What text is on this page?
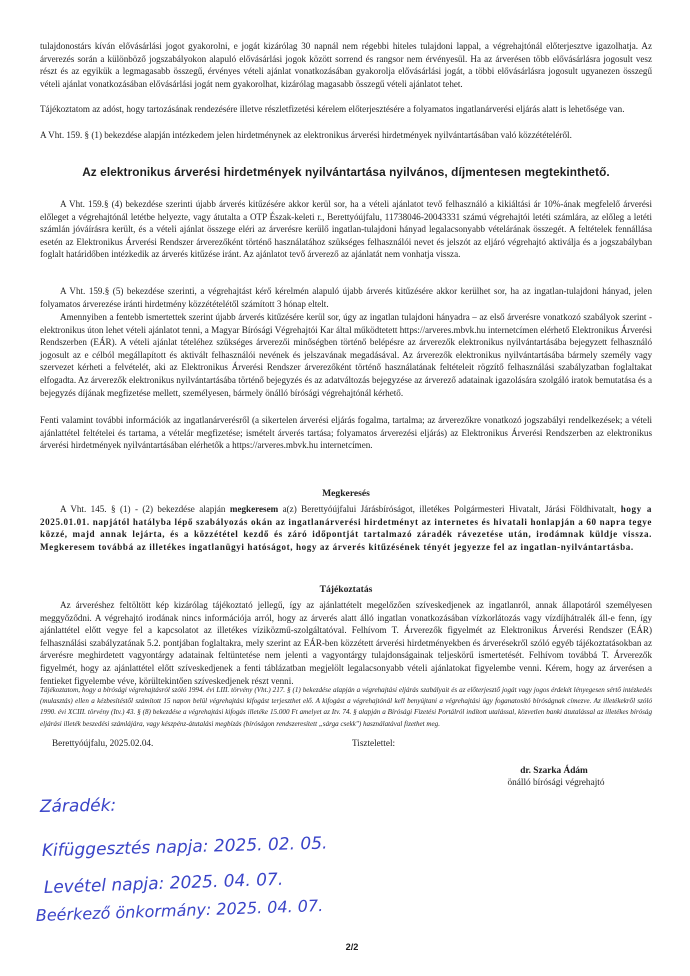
tulajdonostárs kíván elővásárlási jogot gyakorolni, e jogát kizárólag 30 napnál nem régebbi hiteles tulajdoni lappal, a végrehajtónál előterjesztve igazolhatja. Az árverezés során a különböző jogszabályokon alapuló elővásárlási jogok között sorrend és rangsor nem érvényesül. Ha az árverésen több elővásárlásra jogosult vesz részt és az egyikük a legmagasabb összegű, érvényes vételi ajánlat vonatkozásában gyakorolja elővásárlási jogát, a többi elővásárlásra jogosult ugyanezen összegű vételi ajánlat vonatkozásában elővásárlási jogát nem gyakorolhat, kizárólag magasabb összegű vételi ajánlatot tehet.

Tájékoztatom az adóst, hogy tartozásának rendezésére illetve részletfizetési kérelem előterjesztésére a folyamatos ingatlanárverési eljárás alatt is lehetősége van.

A Vht. 159. § (1) bekezdése alapján intézkedem jelen hirdetménynek az elektronikus árverési hirdetmények nyilvántartásában való közzétételéről.

Az elektronikus árverési hirdetmények nyilvántartása nyilvános, díjmentesen megtekinthető.

A Vht. 159.§ (4) bekezdése szerinti újabb árverés kitűzésére akkor kerül sor, ha a vételi ajánlatot tevő felhasználó a kikiáltási ár 10%-ának megfelelő árverési előleget a végrehajtónál letétbe helyezte, vagy átutalta a OTP Észak-keleti r., Berettyóújfalu, 11738046-20043331 számú végrehajtói letéti számlára, az előleg a letéti számlán jóváírásra került, és a vételi ajánlat összege eléri az árverésre kerülő ingatlan-tulajdoni hányad legalacsonyabb vételárának összegét. A feltételek fennállása esetén az Elektronikus Árverési Rendszer árverezőként történő használatához szükséges felhasználói nevet és jelszót az eljáró végrehajtó aktiválja és a jogszabályban foglalt határidőben intézkedik az árverés kitűzése iránt. Az ajánlatot tevő árverező az ajánlatát nem vonhatja vissza.

A Vht. 159.§ (5) bekezdése szerinti, a végrehajtást kérő kérelmén alapuló újabb árverés kitűzésére akkor kerülhet sor, ha az ingatlan-tulajdoni hányad, jelen folyamatos árverezése iránti hirdetmény közzétételétől számított 3 hónap eltelt.

Amennyiben a fentebb ismertettek szerint újabb árverés kitűzésére kerül sor, úgy az ingatlan tulajdoni hányadra – az első árverésre vonatkozó szabályok szerint - elektronikus úton lehet vételi ajánlatot tenni, a Magyar Bírósági Végrehajtói Kar által működtetett https://arveres.mbvk.hu internetcímen elérhető Elektronikus Árverési Rendszerben (EÁR). A vételi ajánlat tételéhez szükséges árverezői minőségben történő belépésre az árverezők elektronikus nyilvántartásába bejegyzett felhasználó jogosult az e célból megállapított és aktivált felhasználói nevének és jelszavának megadásával. Az árverezők elektronikus nyilvántartásába bármely személy vagy szervezet kérheti a felvételét, aki az Elektronikus Árverési Rendszer árverezőként történő használatának feltételeit rögzítő felhasználási szabályzatban foglaltakat elfogadta. Az árverezők elektronikus nyilvántartásába történő bejegyzés és az adatváltozás bejegyzése az árverező adatainak igazolására szolgáló iratok bemutatása és a bejegyzés díjának megfizetése mellett, személyesen, bármely önálló bírósági végrehajtónál kérhető.

Fenti valamint további információk az ingatlanárverésről (a sikertelen árverési eljárás fogalma, tartalma; az árverezőkre vonatkozó jogszabályi rendelkezések; a vételi ajánlattétel feltételei és tartama, a vételár megfizetése; ismételt árverés tartása; folyamatos árverezési eljárás) az Elektronikus Árverési Rendszerben az elektronikus árverési hirdetmények nyilvántartásában elérhetők a https://arveres.mbvk.hu internetcímen.

Megkeresés

A Vht. 145. § (1) - (2) bekezdése alapján megkeresem a(z) Berettyóújfalui Járásbíróságot, illetékes Polgármesteri Hivatalt, Járási Földhivatalt, hogy a 2025.01.01. napjától hatályba lépő szabályozás okán az ingatlanárverési hirdetményt az internetes és hivatali honlapján a 60 napra tegye közzé, majd annak lejárta, és a közzététel kezdő és záró időpontját tartalmazó záradék rávezetése után, irodámnak küldje vissza. Megkeresem továbbá az illetékes ingatlanügyi hatóságot, hogy az árverés kitűzésének tényét jegyezze fel az ingatlan-nyilvántartásba.

Tájékoztatás

Az árveréshez feltöltött kép kizárólag tájékoztató jellegű, így az ajánlattételt megelőzően szíveskedjenek az ingatlanról, annak állapotáról személyesen meggyőződni. A végrehajtó irodának nincs információja arról, hogy az árverés alatt álló ingatlan vonatkozásában vízkorlátozás vagy vízdíjhátralék áll-e fenn, így ajánlattétel előtt vegye fel a kapcsolatot az illetékes víziközmű-szolgáltatóval. Felhívom T. Árverezők figyelmét az Elektronikus Árverési Rendszer (EÁR) felhasználási szabályzatának 5.2. pontjában foglaltakra, mely szerint az EÁR-ben közzétett árverési hirdetményekben és árverésekről szóló egyéb tájékoztatásokban az árverésre meghirdetett vagyontárgy adatainak feltüntetése nem jelenti a vagyontárgy tulajdonságainak teljeskörű ismertetését. Felhívom továbbá T. Árverezők figyelmét, hogy az ajánlattétel előtt szíveskedjenek a fenti táblázatban megjelölt legalacsonyabb vételi ajánlatokat figyelembe venni. Kérem, hogy az árverésen a fentieket figyelembe véve, körültekintően szíveskedjenek részt venni.

Tájékoztatom, hogy a bírósági végrehajtásról szóló 1994. évi LIII. törvény (Vht.) 217. § (1) bekezdése alapján a végrehajtási eljárás szabályait és az előterjesztő jogát vagy jogos érdekét lényegesen sértő intézkedés (mulasztás) ellen a kézbesítéstől számított 15 napon belül végrehajtási kifogást terjeszthet elő. A kifogást a végrehajtónál kell benyújtani a végrehajtási ügy foganatosító bíróságnak címezve. Az illetékekről szóló 1990. évi XCIII. törvény (Itv.) 43. § (8) bekezdése a végrehajtási kifogás illetéke 15.000 Ft amelyet az Itv. 74. § alapján a Bírósági Fizetési Portálról indított utalással, közvetlen banki átutalással az illetékes bíróság eljárási illeték beszedési számlájára, vagy készpénz-átutalási megbízás (bíróságon rendszeresített „sárga csekk") használatával fizethet meg.

Berettyóújfalu, 2025.02.04.	Tisztelettel:
dr. Szarka Ádám
önálló bírósági végrehajtó
Záradék:
Kifüggesztés napja: 2025. 02. 05.
Levétel napja: 2025. 04. 07.
Beérkező önkormány: 2025. 04. 07.
2/2
